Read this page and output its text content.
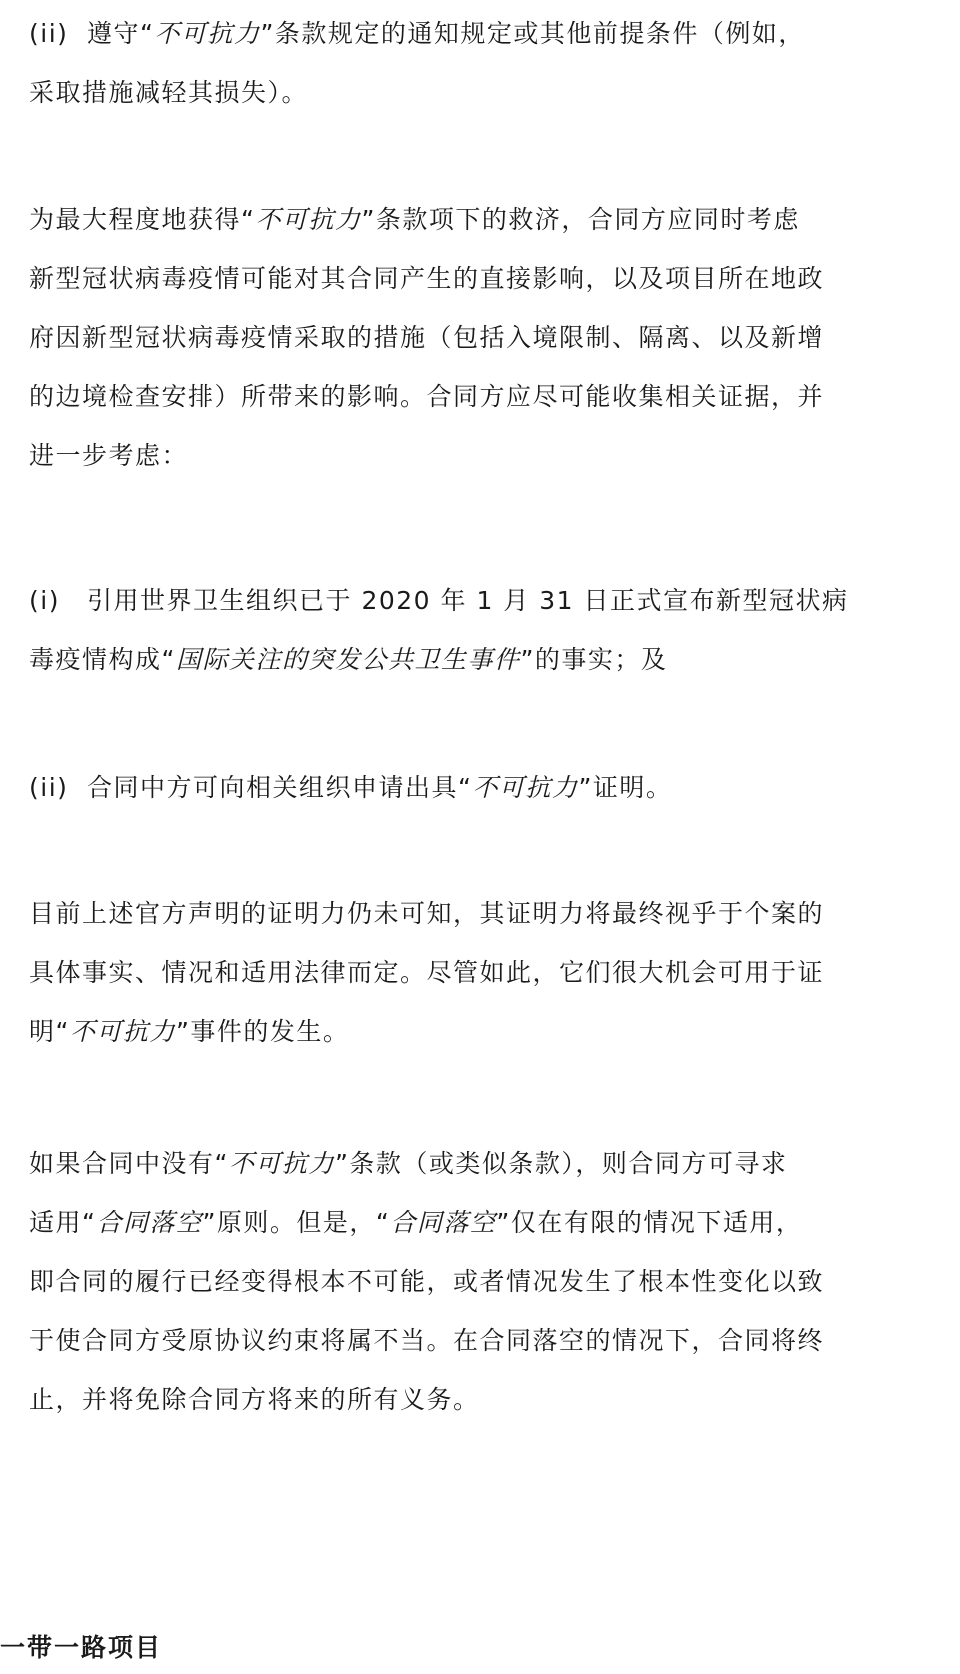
(ii) 遵守“不可抗力”条款规定的通知规定或其他前提条件（例如，
采取措施减轻其损失）。
为最大程度地获得“不可抗力”条款项下的救济，合同方应同时考虑
新型冠状病毒疫情可能对其合同产生的直接影响，以及项目所在地政
府因新型冠状病毒疫情采取的措施（包括入境限制、隔离、以及新增
的边境检查安排）所带来的影响。合同方应尽可能收集相关证据，并
进一步考虑：
(i) 引用世界卫生组织已于 2020 年 1 月 31 日正式宣布新型冠状病
毒疫情构成“国际关注的突发公共卫生事件”的事实；及
(ii) 合同中方可向相关组织申请出具“不可抗力”证明。
目前上述官方声明的证明力仍未可知，其证明力将最终视乎于个案的
具体事实、情况和适用法律而定。尽管如此，它们很大机会可用于证
明“不可抗力”事件的发生。
如果合同中没有“不可抗力”条款（或类似条款），则合同方可寻求
适用“合同落空”原则。但是，“合同落空”仅在有限的情况下适用，
即合同的履行已经变得根本不可能，或者情况发生了根本性变化以致
于使合同方受原协议约束将属不当。在合同落空的情况下，合同将终
止，并将免除合同方将来的所有义务。
一带一路项目
